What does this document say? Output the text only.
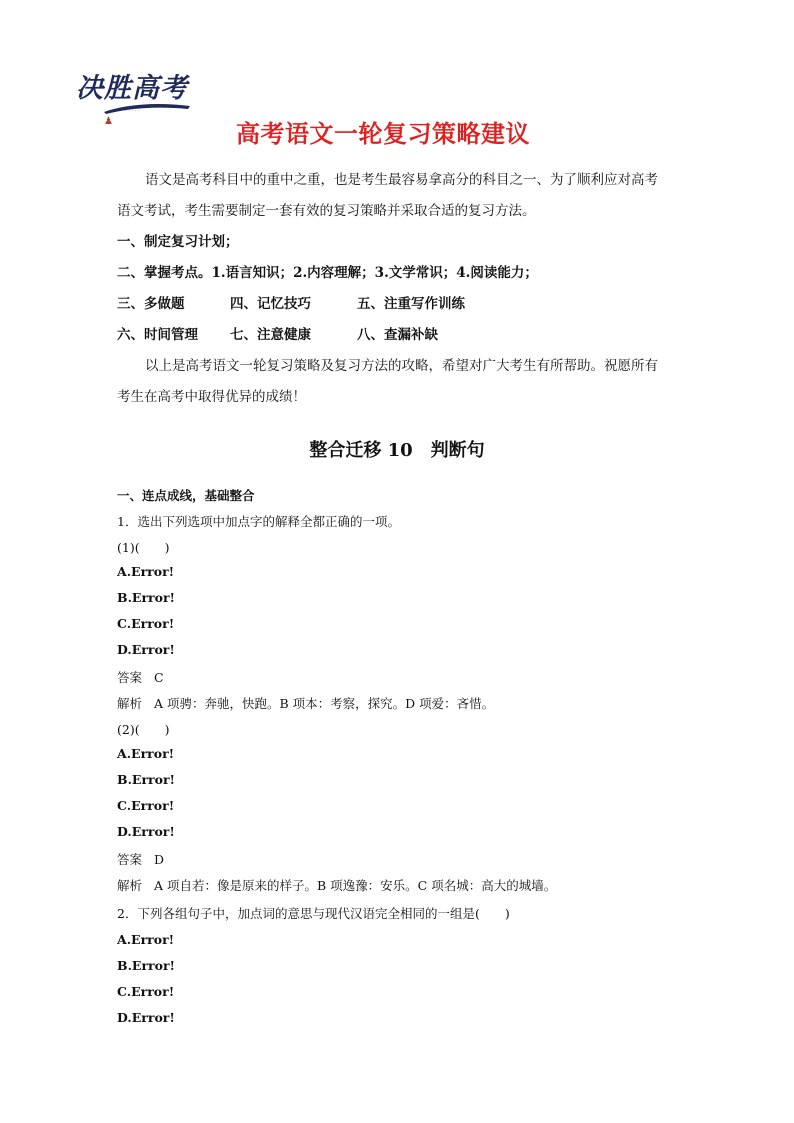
决胜高考
♟
· · · · · ·
高考语文一轮复习策略建议
语文是高考科目中的重中之重，也是考生最容易拿高分的科目之一、为了顺利应对高考
语文考试，考生需要制定一套有效的复习策略并采取合适的复习方法。
一、制定复习计划；
二、掌握考点。1.语言知识；2.内容理解；3.文学常识；4.阅读能力；
三、多做题	四、记忆技巧	五、注重写作训练
六、时间管理 七、注意健康	八、查漏补缺
以上是高考语文一轮复习策略及复习方法的攻略，希望对广大考生有所帮助。祝愿所有
考生在高考中取得优异的成绩！
整合迁移 10　判断句
一、连点成线，基础整合
1．选出下列选项中加点字的解释全都正确的一项。
(1)(　　)
A.Error!
B.Error!
C.Error!
D.Error!
答案 C
解析 A 项骋：奔驰，快跑。B 项本：考察，探究。D 项爱：吝惜。
(2)(　　)
A.Error!
B.Error!
C.Error!
D.Error!
答案 D
解析 A 项自若：像是原来的样子。B 项逸豫：安乐。C 项名城：高大的城墙。
2．下列各组句子中，加点词的意思与现代汉语完全相同的一组是(　　)
A.Error!
B.Error!
C.Error!
D.Error!
